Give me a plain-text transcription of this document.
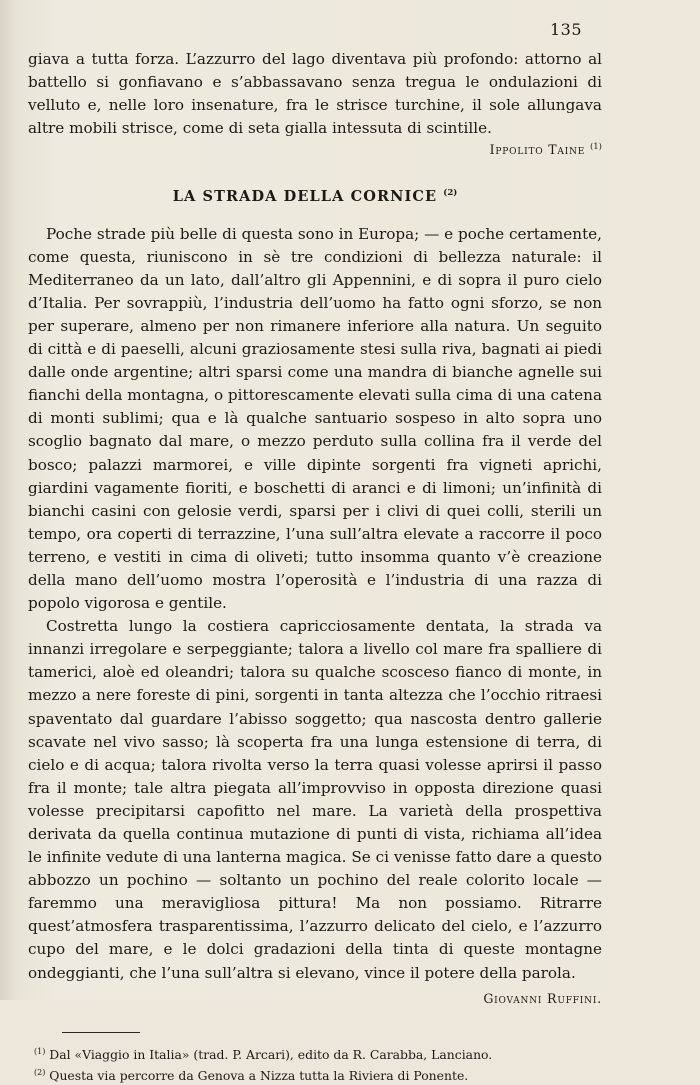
135

giava a tutta forza. L’azzurro del lago diventava più profondo: attorno al battello si gonfiavano e s’abbassavano senza tregua le ondulazioni di velluto e, nelle loro insenature, fra le strisce turchine, il sole allungava altre mobili strisce, come di seta gialla intessuta di scintille.

Ippolito Taine $^{(1)}$

LA STRADA DELLA CORNICE $^{(2)}$

Poche strade più belle di questa sono in Europa; — e poche certamente, come questa, riuniscono in sè tre condizioni di bellezza naturale: il Mediterraneo da un lato, dall’altro gli Appennini, e di sopra il puro cielo d’Italia. Per sovrappiù, l’industria dell’uomo ha fatto ogni sforzo, se non per superare, almeno per non rimanere inferiore alla natura. Un seguito di città e di paeselli, alcuni graziosamente stesi sulla riva, bagnati ai piedi dalle onde argentine; altri sparsi come una mandra di bianche agnelle sui fianchi della montagna, o pittorescamente elevati sulla cima di una catena di monti sublimi; qua e là qualche santuario sospeso in alto sopra uno scoglio bagnato dal mare, o mezzo perduto sulla collina fra il verde del bosco; palazzi marmorei, e ville dipinte sorgenti fra vigneti aprichi, giardini vagamente fioriti, e boschetti di aranci e di limoni; un’infinità di bianchi casini con gelosie verdi, sparsi per i clivi di quei colli, sterili un tempo, ora coperti di terrazzine, l’una sull’altra elevate a raccorre il poco terreno, e vestiti in cima di oliveti; tutto insomma quanto v’è creazione della mano dell’uomo mostra l’operosità e l’industria di una razza di popolo vigorosa e gentile.

Costretta lungo la costiera capricciosamente dentata, la strada va innanzi irregolare e serpeggiante; talora a livello col mare fra spalliere di tamerici, aloè ed oleandri; talora su qualche scosceso fianco di monte, in mezzo a nere foreste di pini, sorgenti in tanta altezza che l’occhio ritraesi spaventato dal guardare l’abisso soggetto; qua nascosta dentro gallerie scavate nel vivo sasso; là scoperta fra una lunga estensione di terra, di cielo e di acqua; talora rivolta verso la terra quasi volesse aprirsi il passo fra il monte; tale altra piegata all’improvviso in opposta direzione quasi volesse precipitarsi capofitto nel mare. La varietà della prospettiva derivata da quella continua mutazione di punti di vista, richiama all’idea le infinite vedute di una lanterna magica. Se ci venisse fatto dare a questo abbozzo un pochino — soltanto un pochino del reale colorito locale — faremmo una meravigliosa pittura! Ma non possiamo. Ritrarre quest’atmosfera trasparentissima, l’azzurro delicato del cielo, e l’azzurro cupo del mare, e le dolci gradazioni della tinta di queste montagne ondeggianti, che l’una sull’altra si elevano, vince il potere della parola.

Giovanni Ruffini.

$^{(1)}$ Dal «Viaggio in Italia» (trad. P. Arcari), edito da R. Carabba, Lanciano.
$^{(2)}$ Questa via percorre da Genova a Nizza tutta la Riviera di Ponente.
